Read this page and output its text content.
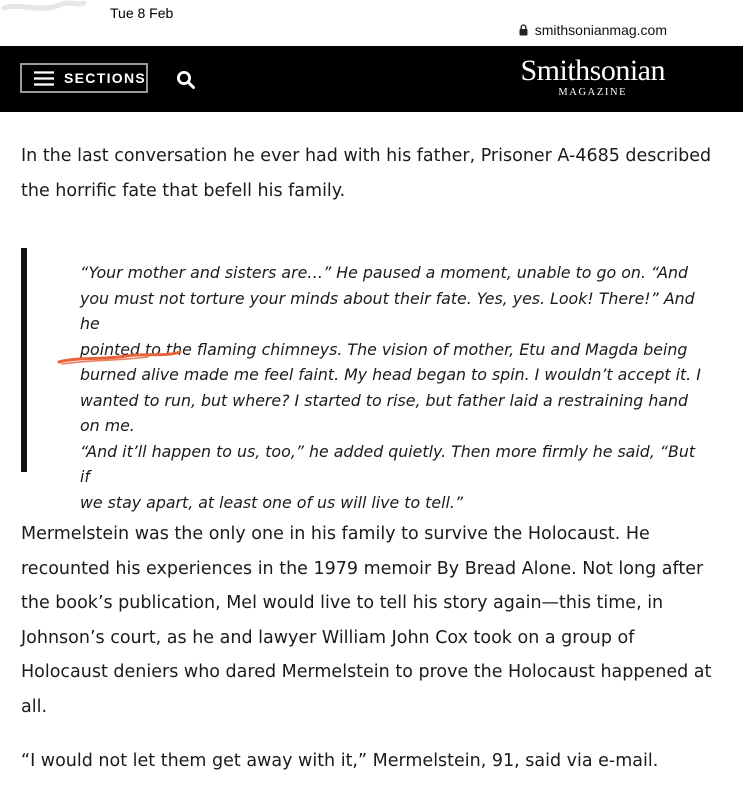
Tue 8 Feb
smithsonianmag.com
SECTIONS	Smithsonian
MAGAZINE

In the last conversation he ever had with his father, Prisoner A-4685 described the horrific fate that befell his family.

“Your mother and sisters are…” He paused a moment, unable to go on. “And
you must not torture your minds about their fate. Yes, yes. Look! There!” And he
pointed to the flaming chimneys. The vision of mother, Etu and Magda being
burned alive made me feel faint. My head began to spin. I wouldn’t accept it. I
wanted to run, but where? I started to rise, but father laid a restraining hand
on me.
“And it’ll happen to us, too,” he added quietly. Then more firmly he said, “But if
we stay apart, at least one of us will live to tell.”

Mermelstein was the only one in his family to survive the Holocaust. He recounted his experiences in the 1979 memoir By Bread Alone. Not long after the book’s publication, Mel would live to tell his story again—this time, in Johnson’s court, as he and lawyer William John Cox took on a group of Holocaust deniers who dared Mermelstein to prove the Holocaust happened at all.

“I would not let them get away with it,” Mermelstein, 91, said via e-mail.
